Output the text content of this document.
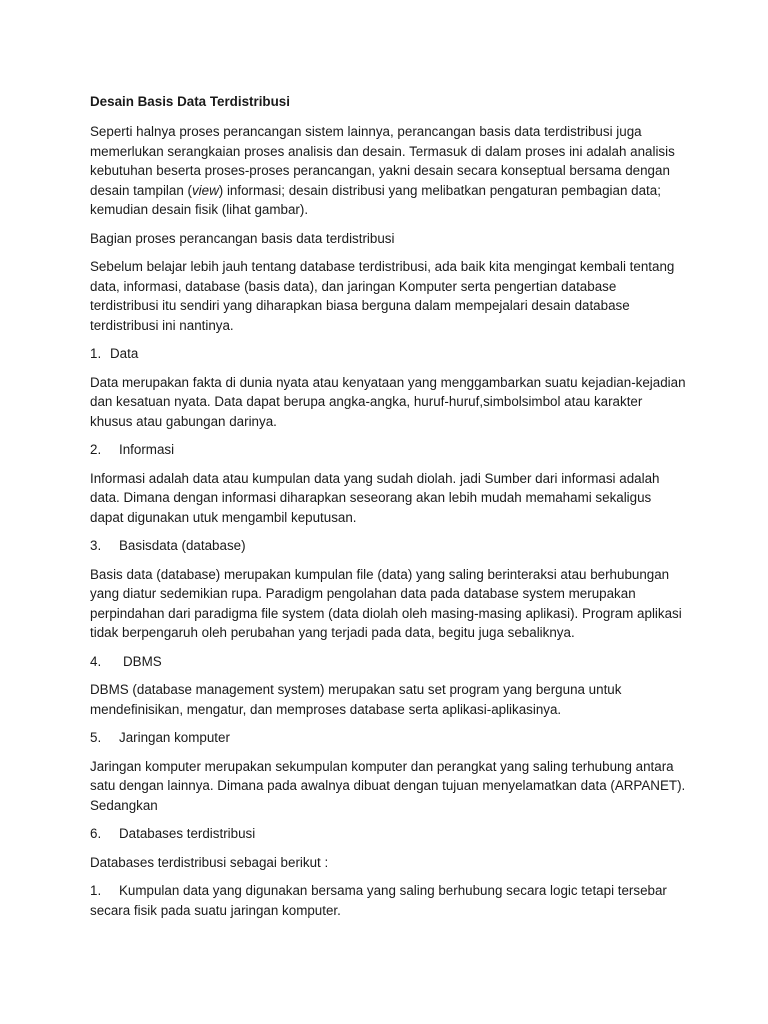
Desain Basis Data Terdistribusi

Seperti halnya proses perancangan sistem lainnya, perancangan basis data terdistribusi juga memerlukan serangkaian proses analisis dan desain. Termasuk di dalam proses ini adalah analisis kebutuhan beserta proses-proses perancangan, yakni desain secara konseptual bersama dengan desain tampilan (view) informasi; desain distribusi yang melibatkan pengaturan pembagian data; kemudian desain fisik (lihat gambar).

Bagian proses perancangan basis data terdistribusi

Sebelum belajar lebih jauh tentang database terdistribusi, ada baik kita mengingat kembali tentang data, informasi, database (basis data), dan jaringan Komputer serta pengertian database terdistribusi itu sendiri yang diharapkan biasa berguna dalam mempejalari desain database terdistribusi ini nantinya.

1. Data

Data merupakan fakta di dunia nyata atau kenyataan yang menggambarkan suatu kejadian-kejadian dan kesatuan nyata. Data dapat berupa angka-angka, huruf-huruf,simbolsimbol atau karakter khusus atau gabungan darinya.

2.	Informasi

Informasi adalah data atau kumpulan data yang sudah diolah. jadi Sumber dari informasi adalah data. Dimana dengan informasi diharapkan seseorang akan lebih mudah memahami sekaligus dapat digunakan utuk mengambil keputusan.

3.	Basisdata (database)

Basis data (database) merupakan kumpulan file (data) yang saling berinteraksi atau berhubungan yang diatur sedemikian rupa. Paradigm pengolahan data pada database system merupakan perpindahan dari paradigma file system (data diolah oleh masing-masing aplikasi). Program aplikasi tidak berpengaruh oleh perubahan yang terjadi pada data, begitu juga sebaliknya.

4.	DBMS

DBMS (database management system) merupakan satu set program yang berguna untuk mendefinisikan, mengatur, dan memproses database serta aplikasi-aplikasinya.

5.	Jaringan komputer

Jaringan komputer merupakan sekumpulan komputer dan perangkat yang saling terhubung antara satu dengan lainnya. Dimana pada awalnya dibuat dengan tujuan menyelamatkan data (ARPANET). Sedangkan

6.	Databases terdistribusi

Databases terdistribusi sebagai berikut :

1. Kumpulan data yang digunakan bersama yang saling berhubung secara logic tetapi tersebar secara fisik pada suatu jaringan komputer.
